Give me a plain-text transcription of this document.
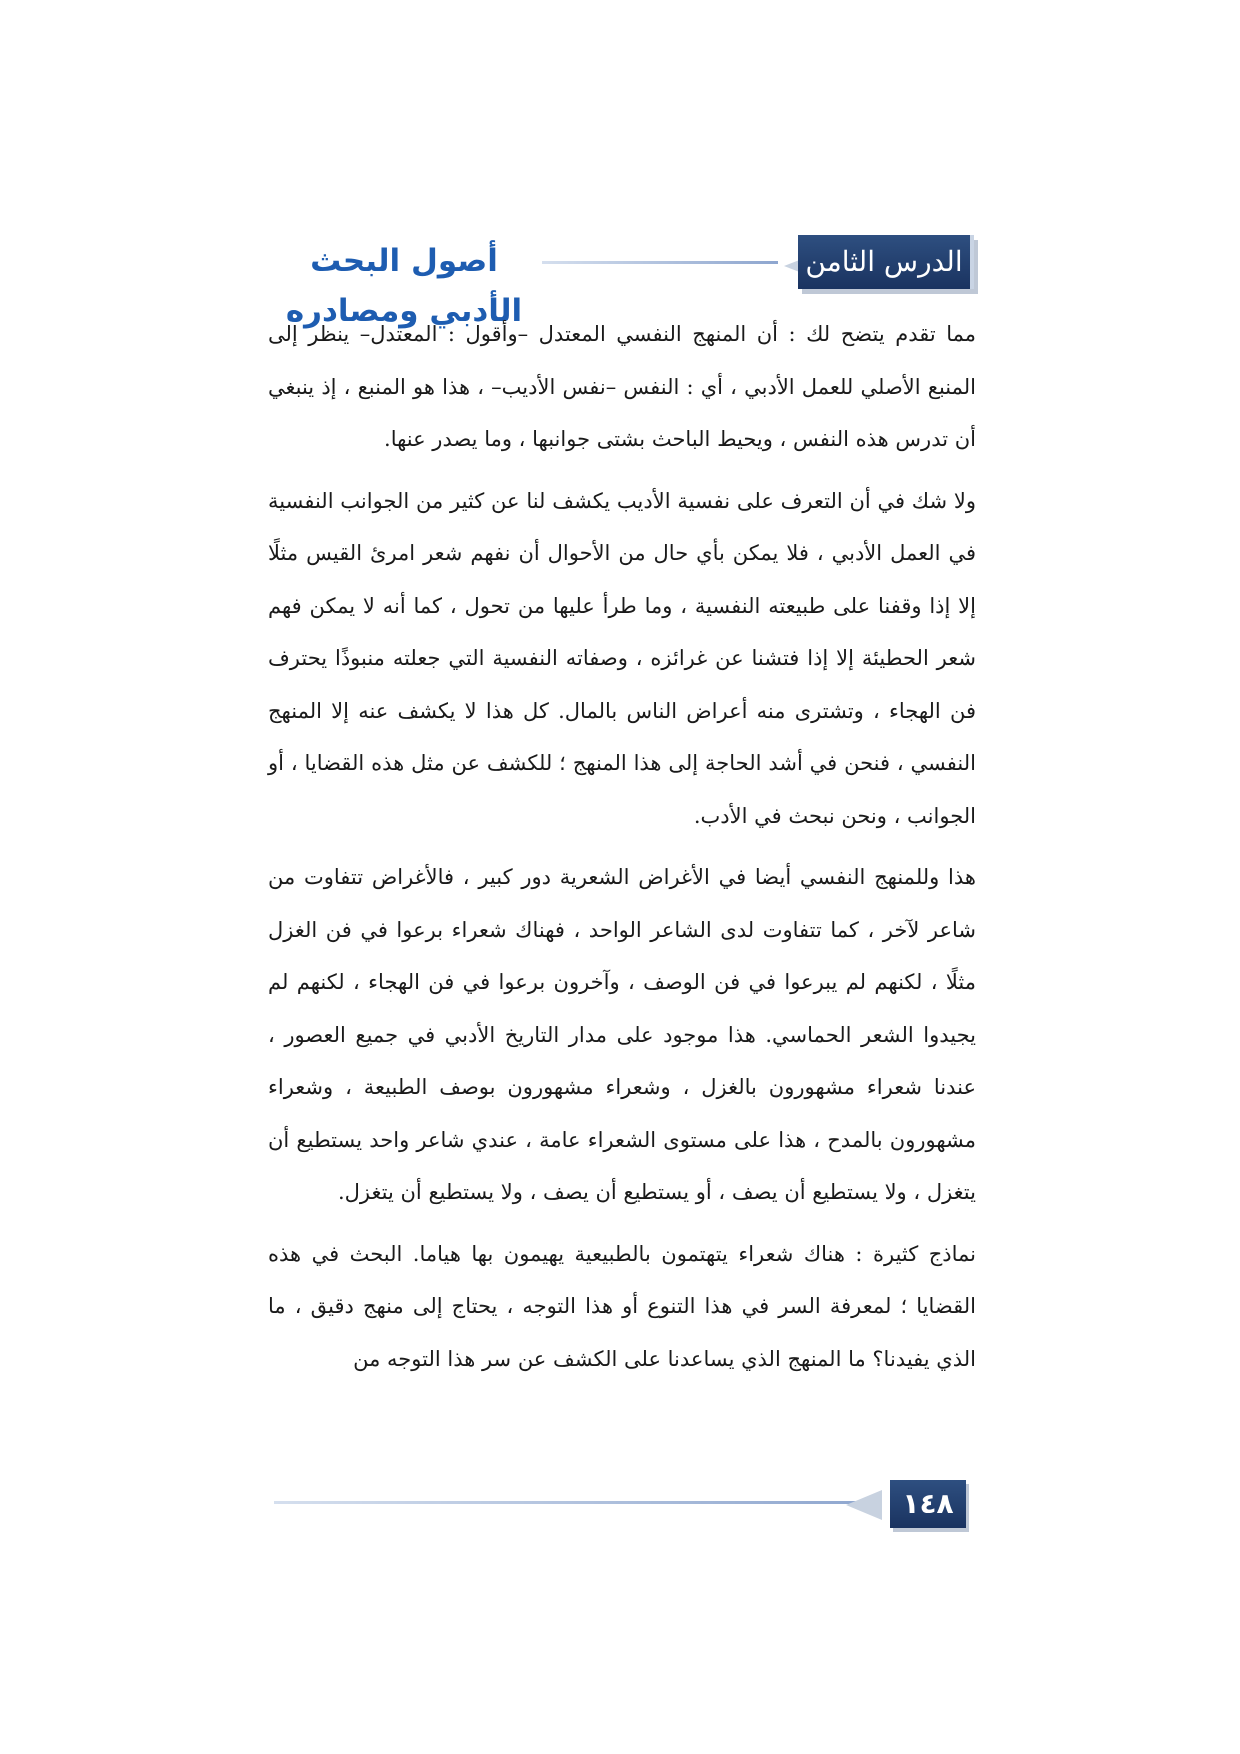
أصول البحث الأدبي ومصادره
الدرس الثامن

مما تقدم يتضح لك : أن المنهج النفسي المعتدل –وأقول : المعتدل– ينظر إلى المنبع الأصلي للعمل الأدبي ، أي : النفس –نفس الأديب– ، هذا هو المنبع ، إذ ينبغي أن تدرس هذه النفس ، ويحيط الباحث بشتى جوانبها ، وما يصدر عنها.

ولا شك في أن التعرف على نفسية الأديب يكشف لنا عن كثير من الجوانب النفسية في العمل الأدبي ، فلا يمكن بأي حال من الأحوال أن نفهم شعر امرئ القيس مثلًا إلا إذا وقفنا على طبيعته النفسية ، وما طرأ عليها من تحول ، كما أنه لا يمكن فهم شعر الحطيئة إلا إذا فتشنا عن غرائزه ، وصفاته النفسية التي جعلته منبوذًا يحترف فن الهجاء ، وتشترى منه أعراض الناس بالمال. كل هذا لا يكشف عنه إلا المنهج النفسي ، فنحن في أشد الحاجة إلى هذا المنهج ؛ للكشف عن مثل هذه القضايا ، أو الجوانب ، ونحن نبحث في الأدب.

هذا وللمنهج النفسي أيضا في الأغراض الشعرية دور كبير ، فالأغراض تتفاوت من شاعر لآخر ، كما تتفاوت لدى الشاعر الواحد ، فهناك شعراء برعوا في فن الغزل مثلًا ، لكنهم لم يبرعوا في فن الوصف ، وآخرون برعوا في فن الهجاء ، لكنهم لم يجيدوا الشعر الحماسي. هذا موجود على مدار التاريخ الأدبي في جميع العصور ، عندنا شعراء مشهورون بالغزل ، وشعراء مشهورون بوصف الطبيعة ، وشعراء مشهورون بالمدح ، هذا على مستوى الشعراء عامة ، عندي شاعر واحد يستطيع أن يتغزل ، ولا يستطيع أن يصف ، أو يستطيع أن يصف ، ولا يستطيع أن يتغزل.

نماذج كثيرة : هناك شعراء يتهتمون بالطبيعية يهيمون بها هياما. البحث في هذه القضايا ؛ لمعرفة السر في هذا التنوع أو هذا التوجه ، يحتاج إلى منهج دقيق ، ما الذي يفيدنا؟ ما المنهج الذي يساعدنا على الكشف عن سر هذا التوجه من

١٤٨
